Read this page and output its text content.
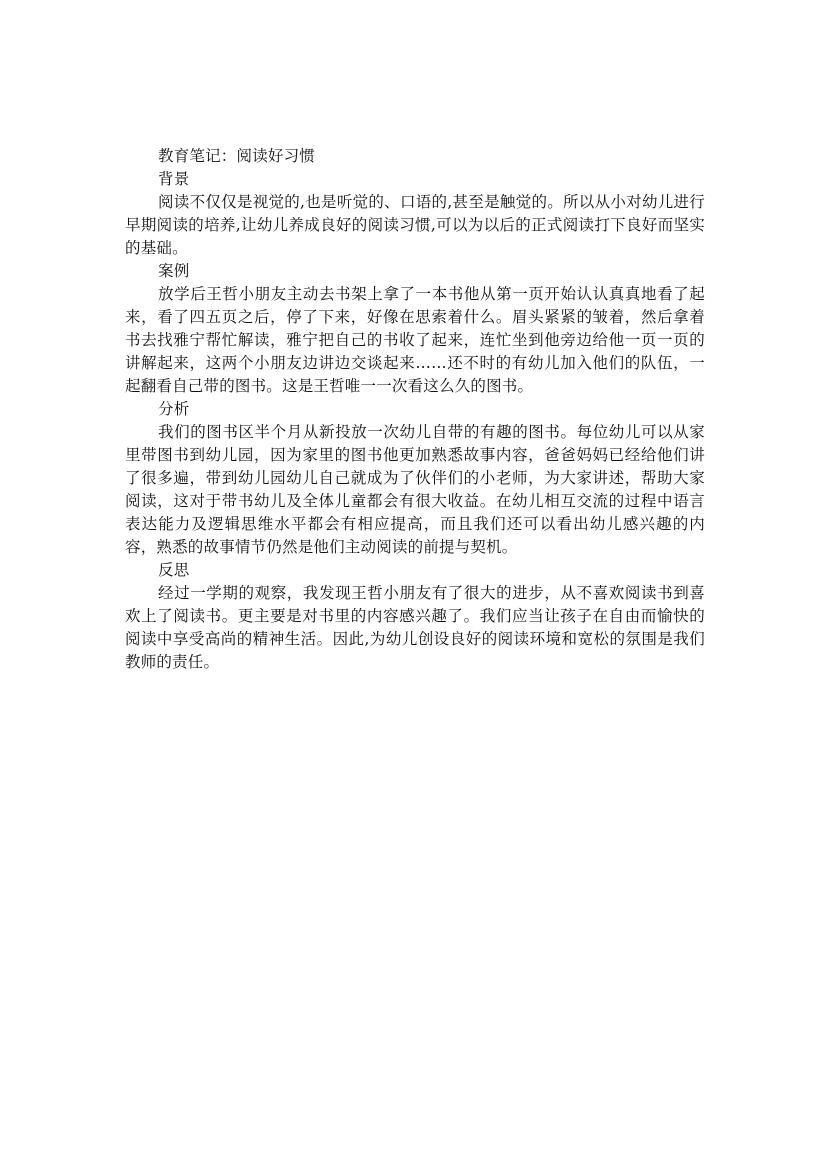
教育笔记：阅读好习惯

背景

阅读不仅仅是视觉的,也是听觉的、口语的,甚至是触觉的。所以从小对幼儿进行早期阅读的培养,让幼儿养成良好的阅读习惯,可以为以后的正式阅读打下良好而坚实的基础。

案例

放学后王哲小朋友主动去书架上拿了一本书他从第一页开始认认真真地看了起来，看了四五页之后，停了下来，好像在思索着什么。眉头紧紧的皱着，然后拿着书去找雅宁帮忙解读，雅宁把自己的书收了起来，连忙坐到他旁边给他一页一页的讲解起来，这两个小朋友边讲边交谈起来……还不时的有幼儿加入他们的队伍，一起翻看自己带的图书。这是王哲唯一一次看这么久的图书。

分析

我们的图书区半个月从新投放一次幼儿自带的有趣的图书。每位幼儿可以从家里带图书到幼儿园，因为家里的图书他更加熟悉故事内容，爸爸妈妈已经给他们讲了很多遍，带到幼儿园幼儿自己就成为了伙伴们的小老师，为大家讲述，帮助大家阅读，这对于带书幼儿及全体儿童都会有很大收益。在幼儿相互交流的过程中语言表达能力及逻辑思维水平都会有相应提高，而且我们还可以看出幼儿感兴趣的内容，熟悉的故事情节仍然是他们主动阅读的前提与契机。

反思

经过一学期的观察，我发现王哲小朋友有了很大的进步，从不喜欢阅读书到喜欢上了阅读书。更主要是对书里的内容感兴趣了。我们应当让孩子在自由而愉快的阅读中享受高尚的精神生活。因此,为幼儿创设良好的阅读环境和宽松的氛围是我们教师的责任。
